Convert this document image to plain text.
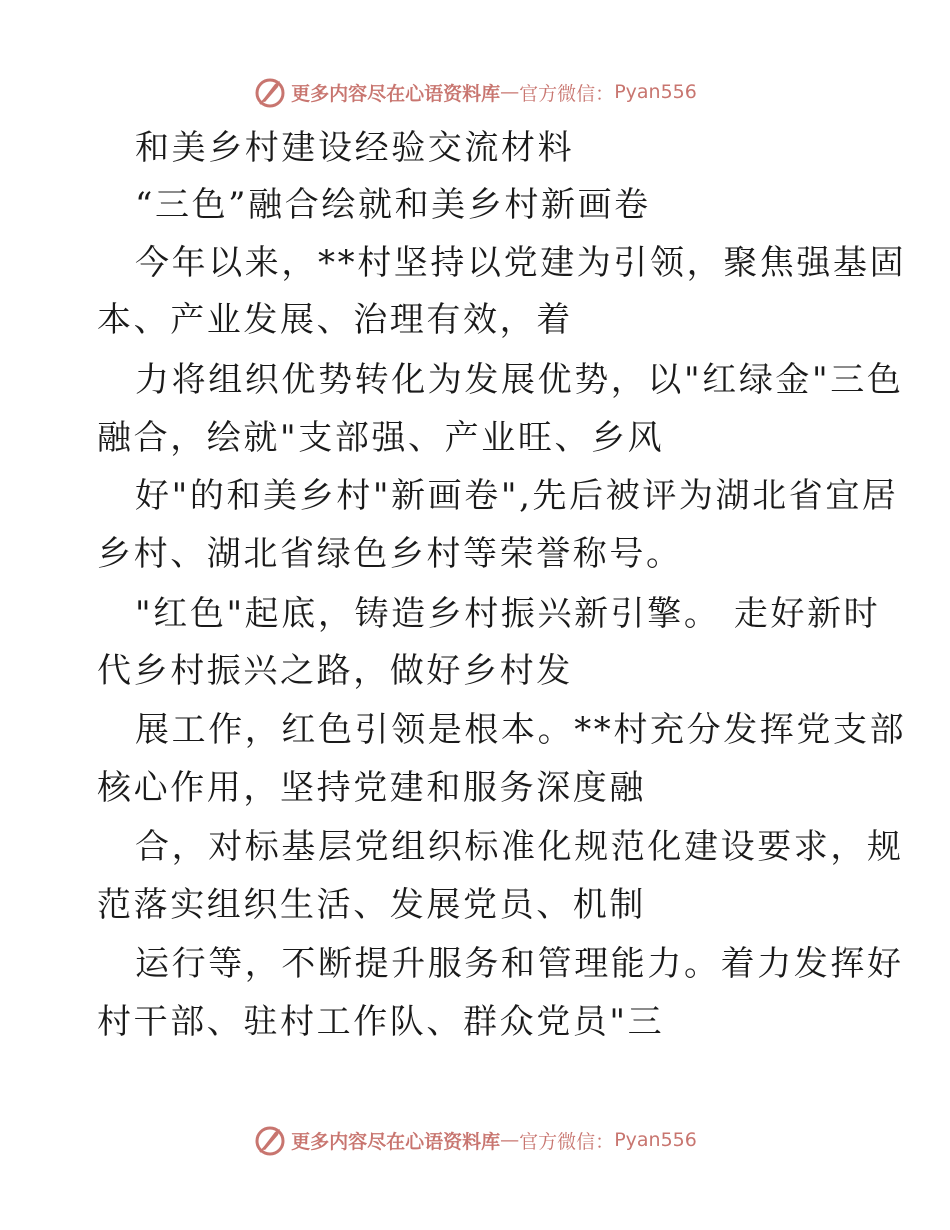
更多内容尽在心语资料库 — 官方微信： Pyan556
和美乡村建设经验交流材料
“三色”融合绘就和美乡村新画卷
今年以来，**村坚持以党建为引领，聚焦强基固
本、产业发展、治理有效，着
力将组织优势转化为发展优势，以"红绿金"三色
融合，绘就"支部强、产业旺、乡风
好"的和美乡村"新画卷",先后被评为湖北省宜居
乡村、湖北省绿色乡村等荣誉称号。
"红色"起底，铸造乡村振兴新引擎。 走好新时
代乡村振兴之路，做好乡村发
展工作，红色引领是根本。**村充分发挥党支部
核心作用，坚持党建和服务深度融
合，对标基层党组织标准化规范化建设要求，规
范落实组织生活、发展党员、机制
运行等，不断提升服务和管理能力。着力发挥好
村干部、驻村工作队、群众党员"三
更多内容尽在心语资料库 — 官方微信： Pyan556
